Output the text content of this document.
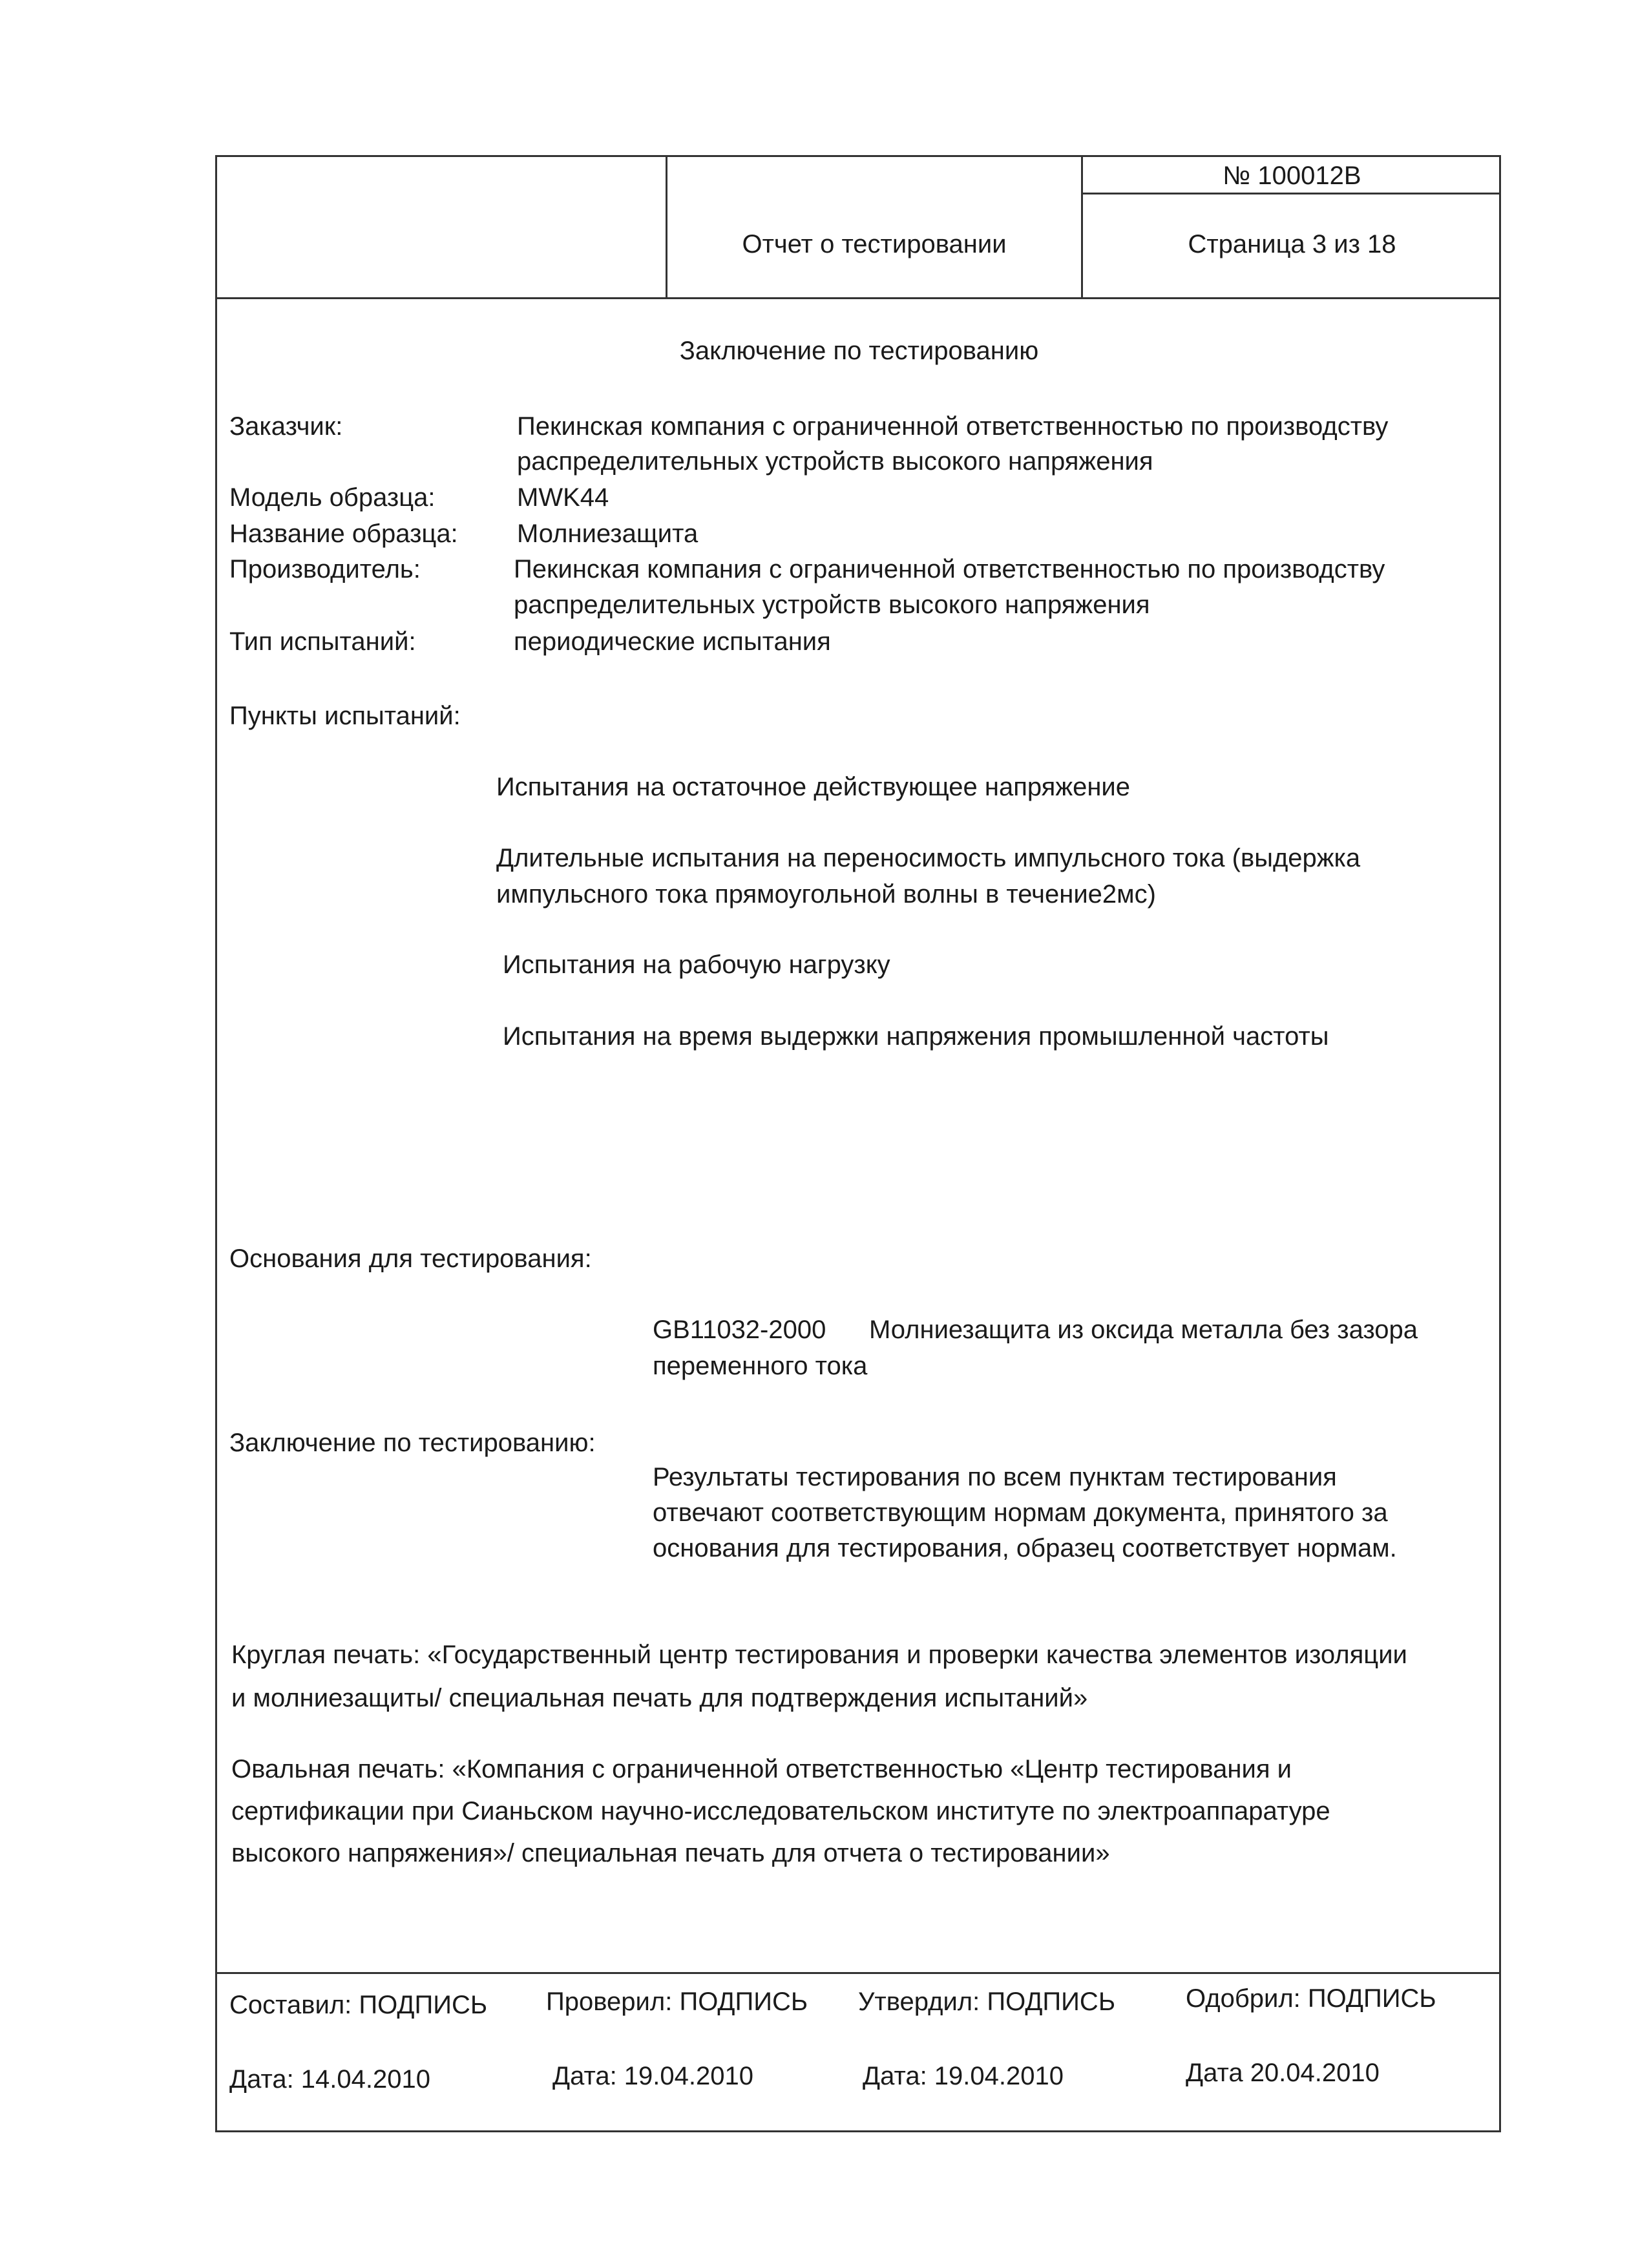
Отчет о тестировании
№ 100012В
Страница 3 из 18
Заключение по тестированию
Заказчик:	Пекинская компания с ограниченной ответственностью по производству
распределительных устройств высокого напряжения
Модель образца:	MWK44
Название образца: Молниезащита
Производитель:	Пекинская компания с ограниченной ответственностью по производству
распределительных устройств высокого напряжения
Тип испытаний:	периодические испытания
Пункты испытаний:
Испытания на остаточное действующее напряжение
Длительные испытания на переносимость импульсного тока (выдержка
импульсного тока прямоугольной волны в течение2мс)
Испытания на рабочую нагрузку
Испытания на время выдержки напряжения промышленной частоты
Основания для тестирования:
GB11032-2000 Молниезащита из оксида металла без зазора
переменного тока
Заключение по тестированию:
Результаты тестирования по всем пунктам тестирования
отвечают соответствующим нормам документа, принятого за
основания для тестирования, образец соответствует нормам.
Круглая печать: «Государственный центр тестирования и проверки качества элементов изоляции
и молниезащиты/ специальная печать для подтверждения испытаний»
Овальная печать: «Компания с ограниченной ответственностью «Центр тестирования и
сертификации при Сианьском научно-исследовательском институте по электроаппаратуре
высокого напряжения»/ специальная печать для отчета о тестировании»
Составил: ПОДПИСЬ Проверил: ПОДПИСЬ Утвердил: ПОДПИСЬ	Одобрил: ПОДПИСЬ
Дата: 14.04.2010	Дата: 19.04.2010	Дата: 19.04.2010	Дата 20.04.2010
